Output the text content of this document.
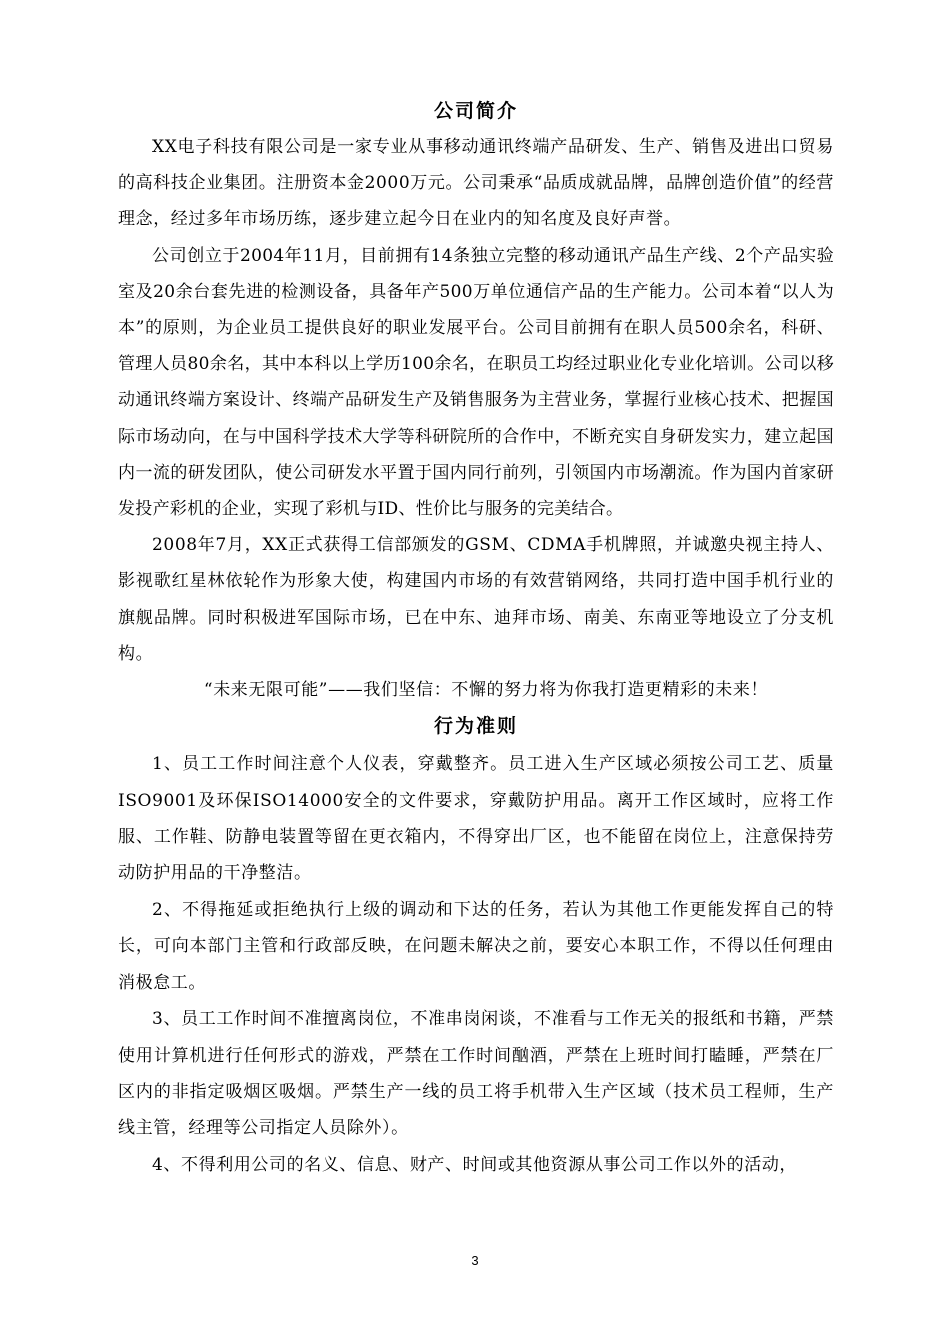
公司简介

XX电子科技有限公司是一家专业从事移动通讯终端产品研发、生产、销售及进出口贸易的高科技企业集团。注册资本金2000万元。公司秉承“品质成就品牌，品牌创造价值”的经营理念，经过多年市场历练，逐步建立起今日在业内的知名度及良好声誉。

公司创立于2004年11月，目前拥有14条独立完整的移动通讯产品生产线、2个产品实验室及20余台套先进的检测设备，具备年产500万单位通信产品的生产能力。公司本着“以人为本”的原则，为企业员工提供良好的职业发展平台。公司目前拥有在职人员500余名，科研、管理人员80余名，其中本科以上学历100余名，在职员工均经过职业化专业化培训。公司以移动通讯终端方案设计、终端产品研发生产及销售服务为主营业务，掌握行业核心技术、把握国际市场动向，在与中国科学技术大学等科研院所的合作中，不断充实自身研发实力，建立起国内一流的研发团队，使公司研发水平置于国内同行前列，引领国内市场潮流。作为国内首家研发投产彩机的企业，实现了彩机与ID、性价比与服务的完美结合。

2008年7月，XX正式获得工信部颁发的GSM、CDMA手机牌照，并诚邀央视主持人、影视歌红星林依轮作为形象大使，构建国内市场的有效营销网络，共同打造中国手机行业的旗舰品牌。同时积极进军国际市场，已在中东、迪拜市场、南美、东南亚等地设立了分支机构。

“未来无限可能”——我们坚信：不懈的努力将为你我打造更精彩的未来！

行为准则

1、员工工作时间注意个人仪表，穿戴整齐。员工进入生产区域必须按公司工艺、质量ISO9001及环保ISO14000安全的文件要求，穿戴防护用品。离开工作区域时，应将工作服、工作鞋、防静电装置等留在更衣箱内，不得穿出厂区，也不能留在岗位上，注意保持劳动防护用品的干净整洁。

2、不得拖延或拒绝执行上级的调动和下达的任务，若认为其他工作更能发挥自己的特长，可向本部门主管和行政部反映，在问题未解决之前，要安心本职工作，不得以任何理由消极怠工。

3、员工工作时间不准擅离岗位，不准串岗闲谈，不准看与工作无关的报纸和书籍，严禁使用计算机进行任何形式的游戏，严禁在工作时间酗酒，严禁在上班时间打瞌睡，严禁在厂区内的非指定吸烟区吸烟。严禁生产一线的员工将手机带入生产区域（技术员工程师，生产线主管，经理等公司指定人员除外）。

4、不得利用公司的名义、信息、财产、时间或其他资源从事公司工作以外的活动，

3
